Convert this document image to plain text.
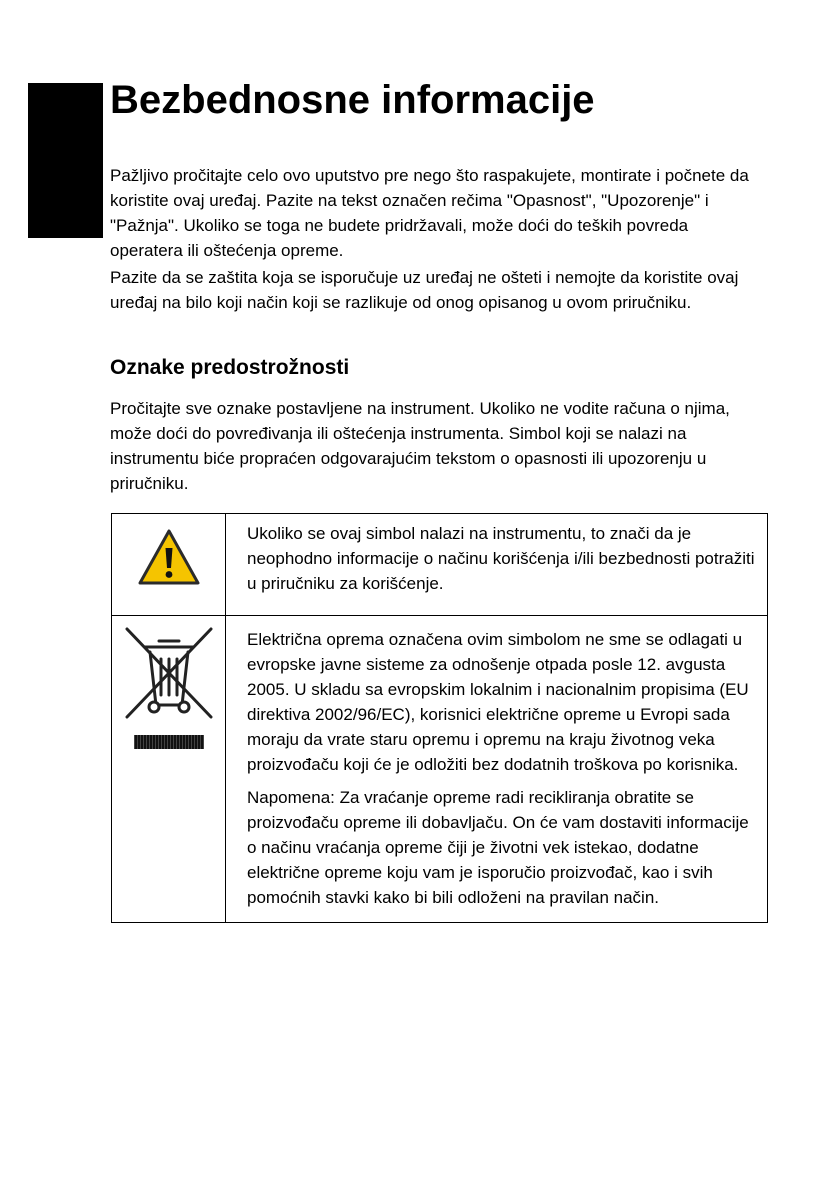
Bezbednosne informacije

Pažljivo pročitajte celo ovo uputstvo pre nego što raspakujete, montirate i počnete da koristite ovaj uređaj. Pazite na tekst označen rečima "Opasnost", "Upozorenje" i "Pažnja". Ukoliko se toga ne budete pridržavali, može doći do teških povreda operatera ili oštećenja opreme.

Pazite da se zaštita koja se isporučuje uz uređaj ne ošteti i nemojte da koristite ovaj uređaj na bilo koji način koji se razlikuje od onog opisanog u ovom priručniku.

Oznake predostrožnosti

Pročitajte sve oznake postavljene na instrument. Ukoliko ne vodite računa o njima, može doći do povređivanja ili oštećenja instrumenta. Simbol koji se nalazi na instrumentu biće propraćen odgovarajućim tekstom o opasnosti ili upozorenju u priručniku.

Ukoliko se ovaj simbol nalazi na instrumentu, to znači da je neophodno informacije o načinu korišćenja i/ili bezbednosti potražiti u priručniku za korišćenje.

Električna oprema označena ovim simbolom ne sme se odlagati u evropske javne sisteme za odnošenje otpada posle 12. avgusta 2005. U skladu sa evropskim lokalnim i nacionalnim propisima (EU direktiva 2002/96/EC), korisnici električne opreme u Evropi sada moraju da vrate staru opremu i opremu na kraju životnog veka proizvođaču koji će je odložiti bez dodatnih troškova po korisnika.

Napomena: Za vraćanje opreme radi recikliranja obratite se proizvođaču opreme ili dobavljaču. On će vam dostaviti informacije o načinu vraćanja opreme čiji je životni vek istekao, dodatne električne opreme koju vam je isporučio proizvođač, kao i svih pomoćnih stavki kako bi bili odloženi na pravilan način.
